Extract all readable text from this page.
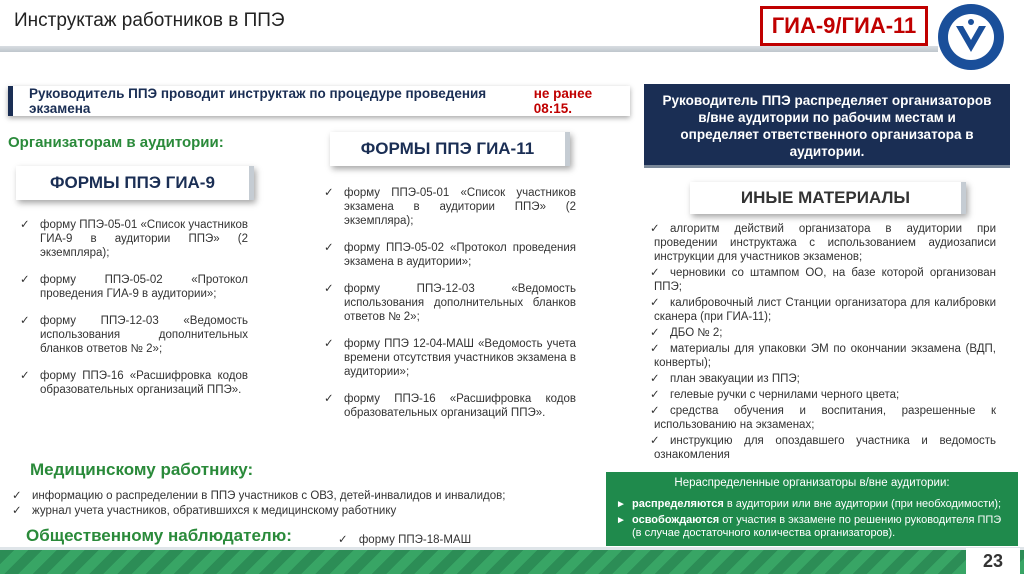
Инструктаж работников в ППЭ	ГИА-9/ГИА-11
Руководитель ППЭ проводит инструктаж по процедуре проведения экзамена
не ранее 08:15.
Руководитель ППЭ распределяет организаторов в/вне аудитории по рабочим местам и определяет ответственного организатора в аудитории.
Организаторам в аудитории:
ФОРМЫ ППЭ ГИА-9
✓ форму ППЭ-05-01 «Список участников ГИА-9 в аудитории ППЭ» (2 экземпляра);
✓ форму ППЭ-05-02 «Протокол проведения ГИА-9 в аудитории»;
✓ форму ППЭ-12-03 «Ведомость использования дополнительных бланков ответов № 2»;
✓ форму ППЭ-16 «Расшифровка кодов образовательных организаций ППЭ».
ФОРМЫ ППЭ ГИА-11
✓ форму ППЭ-05-01 «Список участников экзамена в аудитории ППЭ» (2 экземпляра);
✓ форму ППЭ-05-02 «Протокол проведения экзамена в аудитории»;
✓ форму ППЭ-12-03 «Ведомость использования дополнительных бланков ответов № 2»;
✓ форму ППЭ 12-04-МАШ «Ведомость учета времени отсутствия участников экзамена в аудитории»;
✓ форму ППЭ-16 «Расшифровка кодов образовательных организаций ППЭ».
ИНЫЕ МАТЕРИАЛЫ
✓ алгоритм действий организатора в аудитории при проведении инструктажа с использованием аудиозаписи инструкции для участников экзаменов;
✓ черновики со штампом ОО, на базе которой организован ППЭ;
✓ калибровочный лист Станции организатора для калибровки сканера (при ГИА-11);
✓ ДБО № 2;
✓ материалы для упаковки ЭМ по окончании экзамена (ВДП, конверты);
✓ план эвакуации из ППЭ;
✓ гелевые ручки с чернилами черного цвета;
✓ средства обучения и воспитания, разрешенные к использованию на экзаменах;
✓ инструкцию для опоздавшего участника и ведомость ознакомления
Медицинскому работнику:
✓ информацию о распределении в ППЭ участников с ОВЗ, детей-инвалидов и инвалидов;
✓ журнал учета участников, обратившихся к медицинскому работнику
Общественному наблюдателю:	✓ форму ППЭ-18-МАШ
Нераспределенные организаторы в/вне аудитории:
► распределяются в аудитории или вне аудитории (при необходимости);
► освобождаются от участия в экзамене по решению руководителя ППЭ (в случае достаточного количества организаторов).
23
